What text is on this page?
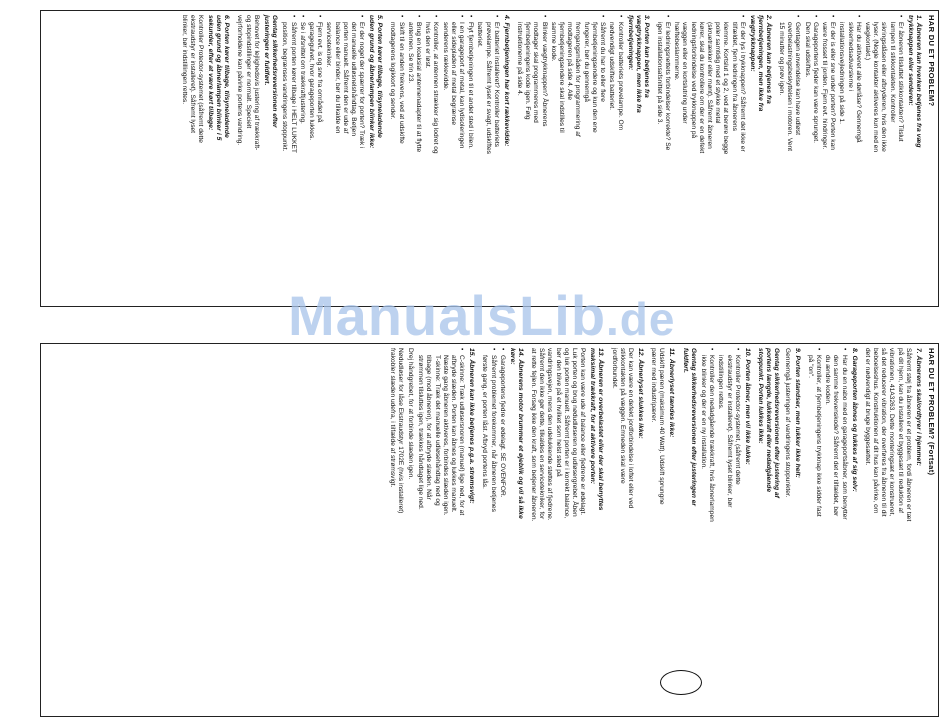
HAR DU ET PROBLEM?
1. Åbneren kan hverken betjenes fra væg trykknappen eller senderen:
• Er åbneren tilsluttet stikkontakten? Tilslut lampen til stikkontakten. Kontroller sikringsdåsen eller afbryderen, hvis den ikke lyser. (Nogle kontakter aktiveres kun med en vægkontakt.)
• Har du aktiveret alle dørlåse? Gennemgå sikkerhedsadvarslerne i installationsvejledningen på side 1.
• Er der is eller sne under porten? Porten kan være frosset til jorden. Fjern evt. hindringer.
• Garageportens fjeder kan være sprunget. Den skal udskiftes.
• Gentagen anvendelse kan have udløst overbelastningsbeskyttelsen i motoren. Vent 15 minutter og prøv igen.
2. Åbneren kan betjenes fra fjernbetjeningen, men ikke fra vægtrykknappen:
• Er der lys i trykknappen? Såfremt det ikke er tilfældet, fjern ledningen fra åbnerens klemme. Kortslut 1 og 2, ved at berøre begge poler samtidig med et stykke metal (skruetrækker eller mønt). Såfremt åbneren kører, skal du kontrollere om der er en defekt ledningsforbindelse ved trykknappen på væggen eller en kortslutning under hæftebeslammerne.
• Er ledningsnettets forbindelser korrekte? Se igen installationsafsnittet på side 3.
3. Porten kan betjenes fra vægtrykknappen, men ikke fra fjernbetjeningen:
• Kontroller batteriets prøvelampe. Om nødvendigt udskiftes batteriet.
• Såfremt du har to eller flere fjernbetjeningsendere og kun den ene fungerer, bør du gennemgå fremgangsmåden for programmering af modtageren på side 4. Alle fjernbetjeningsendere skal indstilles til samme kode.
• Blinker vægtrykknappen? Åbnerens modtager skal programmeres med fjernbetjeningens kode igen. Følg instruktionerne på side 4.
4. Fjernbetjeningen har kort rækkevidde:
• Er batteriet installeret? Kontroller batteriets prøvelampe. Såfremt lyset er svagt, udskiftes batteriet.
• Flyt fjernbetjeningen til et andet sted i bilen.
• I en garageport af metal, kan lydisoleringen eller sidepladen af metal begrænse senderens rækkevidde.
• Kontroller, at antennen strækker sig lodret og hvis den er løst.
• Brug en koaksial antennenadapter til at flytte antennen. Se trin 23.
• Skift til en anden frekvens, ved at udskifte modtagerens logikkort og sender.
5. Porten kører tilbage, tilsyneladende uden grund og åbnerlampen blinker ikke:
• Er der noget der spærrer for porten? Træk i det manuelle udløsnelshåndtag. Betjen porten manuelt. Såfremt den er ude af balance eller binder, bør du tilkalde en servicetekniker.
• Fjern evt. is og sne fra området på garagegulvet, hvor garageporten lukkes.
• Se i afsnittet om trækkraftjustering.
• Såfremt porten kører tilbage i HELT LUKKET position, begrænses vandringens stoppunkt.

Gentag sikkerhedsreversionen efter justeringen er fuldført.

Behovet for lejlighedsvis justering af trækkraft- og stopindstillinger er normalt. Specielt vejrforholdene kan påvirke portens vandring.

6. Porten kører tilbage, tilsyneladende uden grund og åbnerlampen blinker i 5 sekunder, efter at være kørt tilbage:

Kontroller Protector-systemet (såfremt dette ekstraudstyr er installeret). Såfremt lyset blinker, bør indstillingen rettes.

HAR DU ET PROBLEM? (Fortsat)
7. Åbnerens skal/ordtyrer i hjemmet:

Såfremt støj fra åbneren er et problem, fordi åbneren er tæt på dit hjem, kan du installere et byggesæt til reduktion af vibrationen, 41A3263. Dette monteringsæt er konstrueret, så det reducerer vibration, der overføres fra åbneren til dit beboelseshus. Konstruktionen af dit hus kan påvirke, om det er nødvendigt at bruge byggesættet.

8. Garageporten åbnes og lukkes af sig selv:
• Har du en nabo med en garageportsåbner, som benytter den samme frekvenskode? Såfremt det er tilfældet, bør du ændre koden.
• Kontroller, at fjernbetjeningens trykknap ikke sidder fast på "on".
9. Porten standser, men lukker ikke helt:

Gennemgå justeringen af vandringens stoppunkter.

Gentag sikkerhedsreversionen efter justering af portens længde, lukkekraft eller nedadgående stoppunkt. Porten lukkes ikke:

10. Porten åbner, men vil ikke lukke:
• Kontroller Protector-systemet, (såfremt dette ekstraudstyr er installeret). Såfremt lyset blinker, bør indstillingen rettes.
• Kontroller den nedadgående trækkraft, hvis åbnerlampen ikke blinker og der er en ny installation.

Gentag sikkerhedsreversionen efter justeringen er fuldført.

11. Åbnerlyset tændes ikke:

Udskift pæren (maksimum 40 Watt). Udskift sprungne pærer med industripærer.

12. Åbnerlyset slukkes ikke:

Der kan være en defekt jordforbindelse i loftet eller ved stikkontakten på væggen. Emneden skal være jordforbundet.

13. Åbneren er overbelastet eller der skal benyttes maksimal trækkraft, for at aktivere porten:

Porten kan være ude af balance eller fjedrene er ødelagt. Luk porten og brug nødudløseren og udløsergrebet. Åben og luk porten manuelt. Såfremt porten er i korrekt balance, bør den blive på et hvilket som helst sted på vandringsvejen, mens den udelukkende støttes af fjedrene. Såfremt den ikke gør dette, tilkaldes en servicetekniker, for at rette fejlen. Forsøg ikke den kraft, som betjener åbneren.

14. Åbnerens motor brummer et øjeblik og vil så ikke køre:
• Garageportens fjedre er ødelagt. SE OVENFOR.
• Såfremt problemet forekommer, når åbneren betjenes første gang, er porten låst. Afbryd portens lås.
15. Åbneren kan ikke betjenes p.g.a. strømsvigt:
• C-skinne: Træk udløsersnoren (manuel) lige ned, for at afbryde slæden. Porten kan åbnes og lukkes manuelt. Næste gang åbneren aktiveres, forbindes slæden igen. T-skinne: Træk det manuelle udløsehåndtag ned og tilbage (mod åbneren), for at afbryde slæden. Når strømmen tilsluttes igen, trækkes håndtaget lige ned.

Drej håndgrebet, for at forbinde slæden igen.

Nødudløser for låse Ekstraudstyr 1702E (hvis installeret) frakobler slæden udefra, i tilfælde af strømsvigt.

ManualsLib.de
